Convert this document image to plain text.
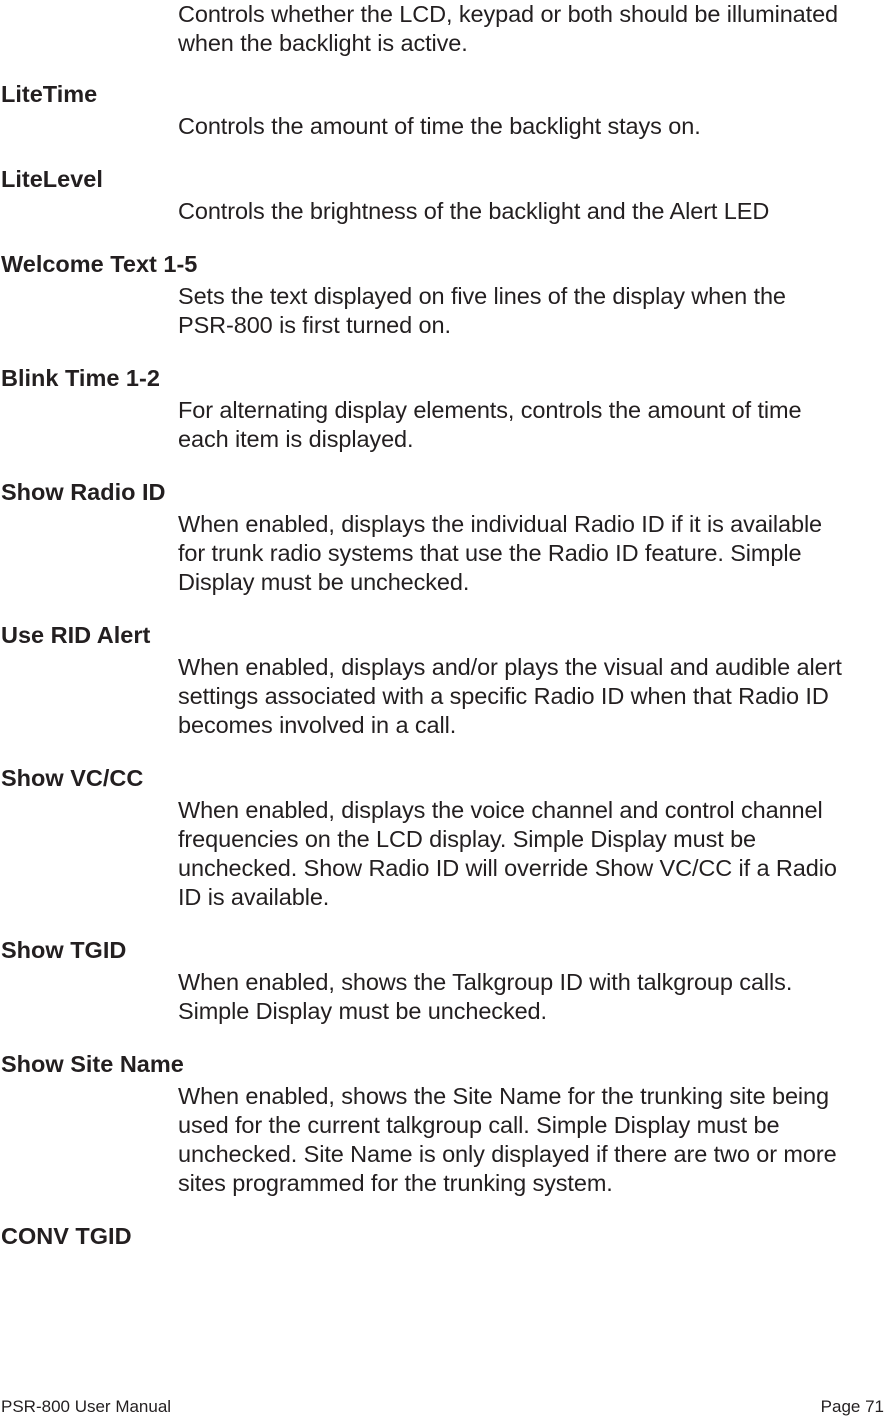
Controls whether the LCD, keypad or both should be illuminated
when the backlight is active.
LiteTime
Controls the amount of time the backlight stays on.
LiteLevel
Controls the brightness of the backlight and the Alert LED
Welcome Text 1-5
Sets the text displayed on five lines of the display when the
PSR-800 is first turned on.
Blink Time 1-2
For alternating display elements, controls the amount of time
each item is displayed.
Show Radio ID
When enabled, displays the individual Radio ID if it is available
for trunk radio systems that use the Radio ID feature. Simple
Display must be unchecked.
Use RID Alert
When enabled, displays and/or plays the visual and audible alert
settings associated with a specific Radio ID when that Radio ID
becomes involved in a call.
Show VC/CC
When enabled, displays the voice channel and control channel
frequencies on the LCD display. Simple Display must be
unchecked. Show Radio ID will override Show VC/CC if a Radio
ID is available.
Show TGID
When enabled, shows the Talkgroup ID with talkgroup calls.
Simple Display must be unchecked.
Show Site Name
When enabled, shows the Site Name for the trunking site being
used for the current talkgroup call. Simple Display must be
unchecked. Site Name is only displayed if there are two or more
sites programmed for the trunking system.
CONV TGID
PSR-800 User Manual	Page 71
